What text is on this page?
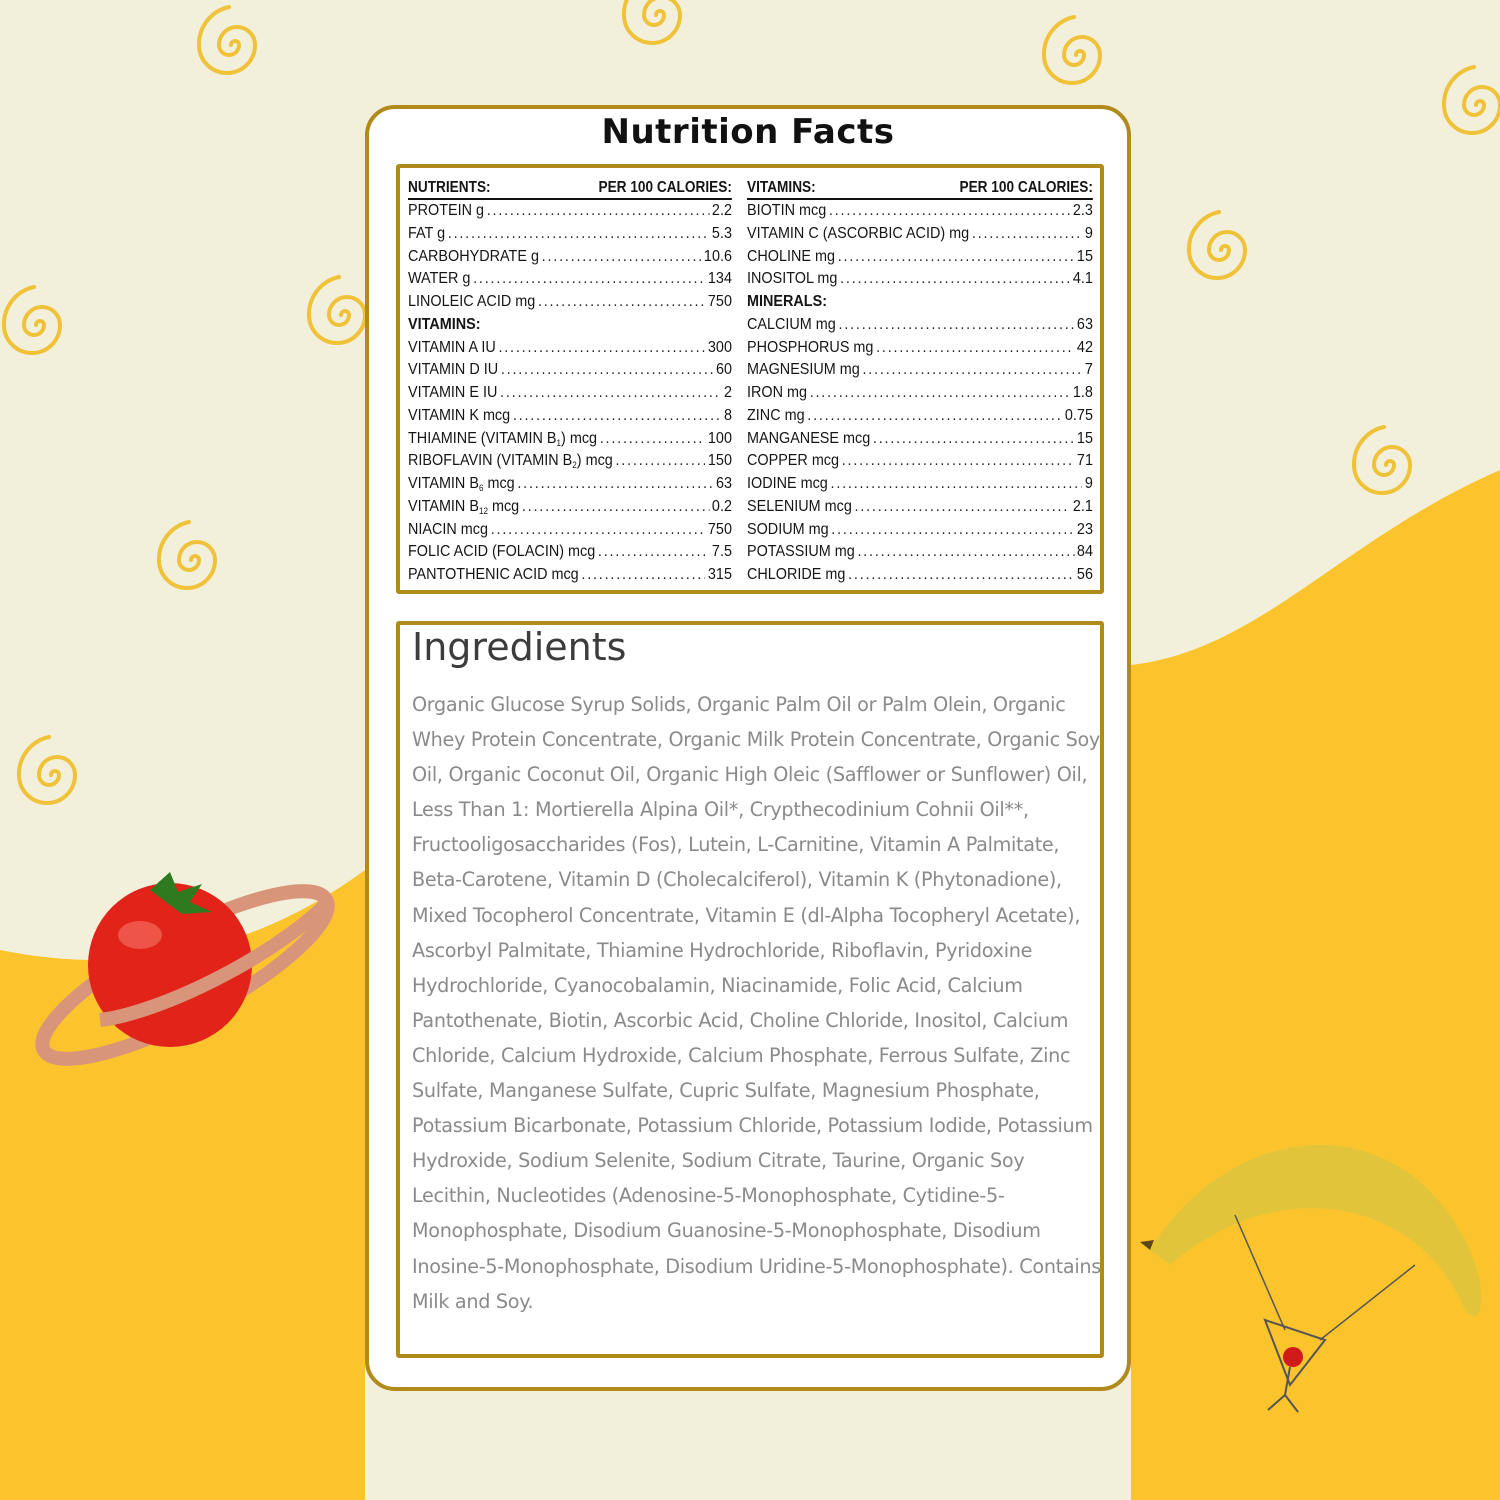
Nutrition Facts
NUTRIENTS:	PER 100 CALORIES:
PROTEIN g .....	2.2
FAT g .....	5.3
CARBOHYDRATE g .....	10.6
WATER g .....	134
LINOLEIC ACID mg .....	750
VITAMINS:
VITAMIN A IU .....	300
VITAMIN D IU .....	60
VITAMIN E IU .....	2
VITAMIN K mcg .....	8
THIAMINE (VITAMIN $B_1$) mcg .....	100
RIBOFLAVIN (VITAMIN $B_2$) mcg .....	150
VITAMIN $B_6$ mcg .....	63
VITAMIN $B_{12}$ mcg .....	0.2
NIACIN mcg .....	750
FOLIC ACID (FOLACIN) mcg .....	7.5
PANTOTHENIC ACID mcg .....	315
VITAMINS:	PER 100 CALORIES:
BIOTIN mcg .....	2.3
VITAMIN C (ASCORBIC ACID) mg .....	9
CHOLINE mg .....	15
INOSITOL mg .....	4.1
MINERALS:
CALCIUM mg .....	63
PHOSPHORUS mg .....	42
MAGNESIUM mg .....	7
IRON mg .....	1.8
ZINC mg .....	0.75
MANGANESE mcg .....	15
COPPER mcg .....	71
IODINE mcg .....	9
SELENIUM mcg .....	2.1
SODIUM mg .....	23
POTASSIUM mg .....	84
CHLORIDE mg .....	56
Ingredients
Organic Glucose Syrup Solids, Organic Palm Oil or Palm Olein, Organic Whey Protein Concentrate, Organic Milk Protein Concentrate, Organic Soy Oil, Organic Coconut Oil, Organic High Oleic (Safflower or Sunflower) Oil, Less Than 1: Mortierella Alpina Oil*, Crypthecodinium Cohnii Oil**, Fructooligosaccharides (Fos), Lutein, L-Carnitine, Vitamin A Palmitate, Beta-Carotene, Vitamin D (Cholecalciferol), Vitamin K (Phytonadione), Mixed Tocopherol Concentrate, Vitamin E (dl-Alpha Tocopheryl Acetate), Ascorbyl Palmitate, Thiamine Hydrochloride, Riboflavin, Pyridoxine Hydrochloride, Cyanocobalamin, Niacinamide, Folic Acid, Calcium Pantothenate, Biotin, Ascorbic Acid, Choline Chloride, Inositol, Calcium Chloride, Calcium Hydroxide, Calcium Phosphate, Ferrous Sulfate, Zinc Sulfate, Manganese Sulfate, Cupric Sulfate, Magnesium Phosphate, Potassium Bicarbonate, Potassium Chloride, Potassium Iodide, Potassium Hydroxide, Sodium Selenite, Sodium Citrate, Taurine, Organic Soy Lecithin, Nucleotides (Adenosine-5-Monophosphate, Cytidine-5-Monophosphate, Disodium Guanosine-5-Monophosphate, Disodium Inosine-5-Monophosphate, Disodium Uridine-5-Monophosphate). Contains Milk and Soy.
